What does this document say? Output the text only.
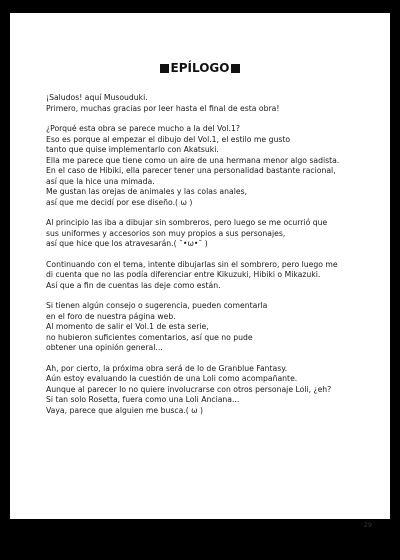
EPÍLOGO
¡Saludos! aquí Musouduki.
Primero, muchas gracias por leer hasta el final de esta obra!
¿Porqué esta obra se parece mucho a la del Vol.1?
Eso es porque al empezar el dibujo del Vol.1, el estilo me gusto
tanto que quise implementarlo con Akatsuki.
Ella me parece que tiene como un aire de una hermana menor algo sadista.
En el caso de Hibiki, ella parecer tener una personalidad bastante racional,
así que la hice una mimada.
Me gustan las orejas de animales y las colas anales,
así que me decidí por ese diseño.( ω )
Al principio las iba a dibujar sin sombreros, pero luego se me ocurrió que
sus uniformes y accesorios son muy propios a sus personajes,
así que hice que los atravesarán.( ˘•ω•˘ )
Continuando con el tema, intente dibujarlas sin el sombrero, pero luego me
di cuenta que no las podía diferenciar entre Kikuzuki, Hibiki o Mikazuki.
Así que a fin de cuentas las deje como están.
Si tienen algún consejo o sugerencia, pueden comentarla
en el foro de nuestra página web.
Al momento de salir el Vol.1 de esta serie,
no hubieron suficientes comentarios, así que no pude
obtener una opinión general...
Ah, por cierto, la próxima obra será de Io de Granblue Fantasy.
Aún estoy evaluando la cuestión de una Loli como acompañante.
Aunque al parecer Io no quiere involucrarse con otros personaje Loli, ¿eh?
Si tan solo Rosetta, fuera como una Loli Anciana...
Vaya, parece que alguien me busca.( ω )
29
